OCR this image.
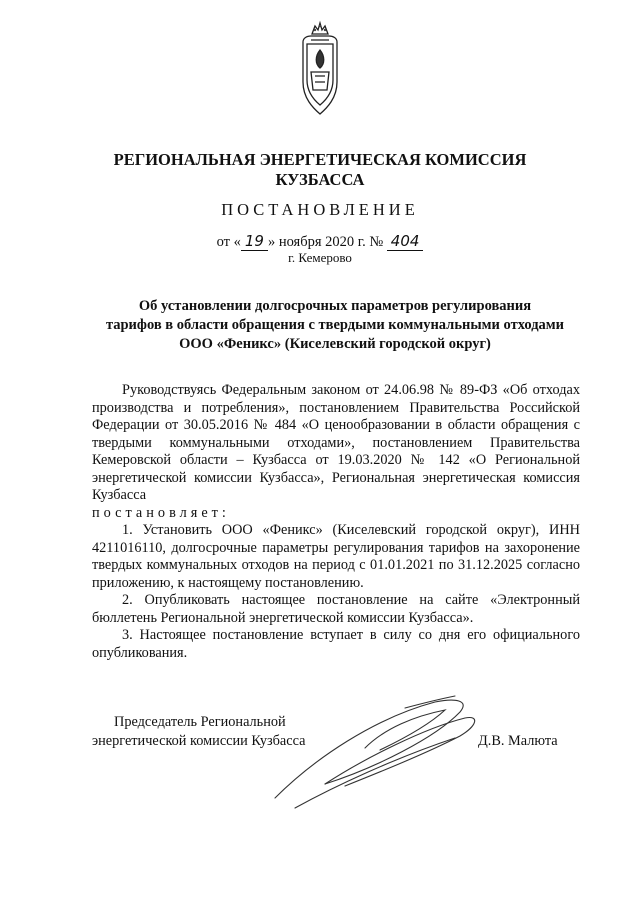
РЕГИОНАЛЬНАЯ ЭНЕРГЕТИЧЕСКАЯ КОМИССИЯ
КУЗБАССА
ПОСТАНОВЛЕНИЕ
от « 19 » ноября 2020 г. № 404
г. Кемерово
Об установлении долгосрочных параметров регулирования
тарифов в области обращения с твердыми коммунальными отходами
ООО «Феникс» (Киселевский городской округ)

Руководствуясь Федеральным законом от 24.06.98 № 89-ФЗ «Об отходах производства и потребления», постановлением Правительства Российской Федерации от 30.05.2016 № 484 «О ценообразовании в области обращения с твердыми коммунальными отходами», постановлением Правительства Кемеровской области – Кузбасса от 19.03.2020 № 142 «О Региональной энергетической комиссии Кузбасса», Региональная энергетическая комиссия Кузбасса

постановляет:

1. Установить ООО «Феникс» (Киселевский городской округ), ИНН 4211016110, долгосрочные параметры регулирования тарифов на захоронение твердых коммунальных отходов на период с 01.01.2021 по 31.12.2025 согласно приложению, к настоящему постановлению.

2. Опубликовать настоящее постановление на сайте «Электронный бюллетень Региональной энергетической комиссии Кузбасса».

3. Настоящее постановление вступает в силу со дня его официального опубликования.

Председатель Региональной
энергетической комиссии Кузбасса	Д.В. Малюта
